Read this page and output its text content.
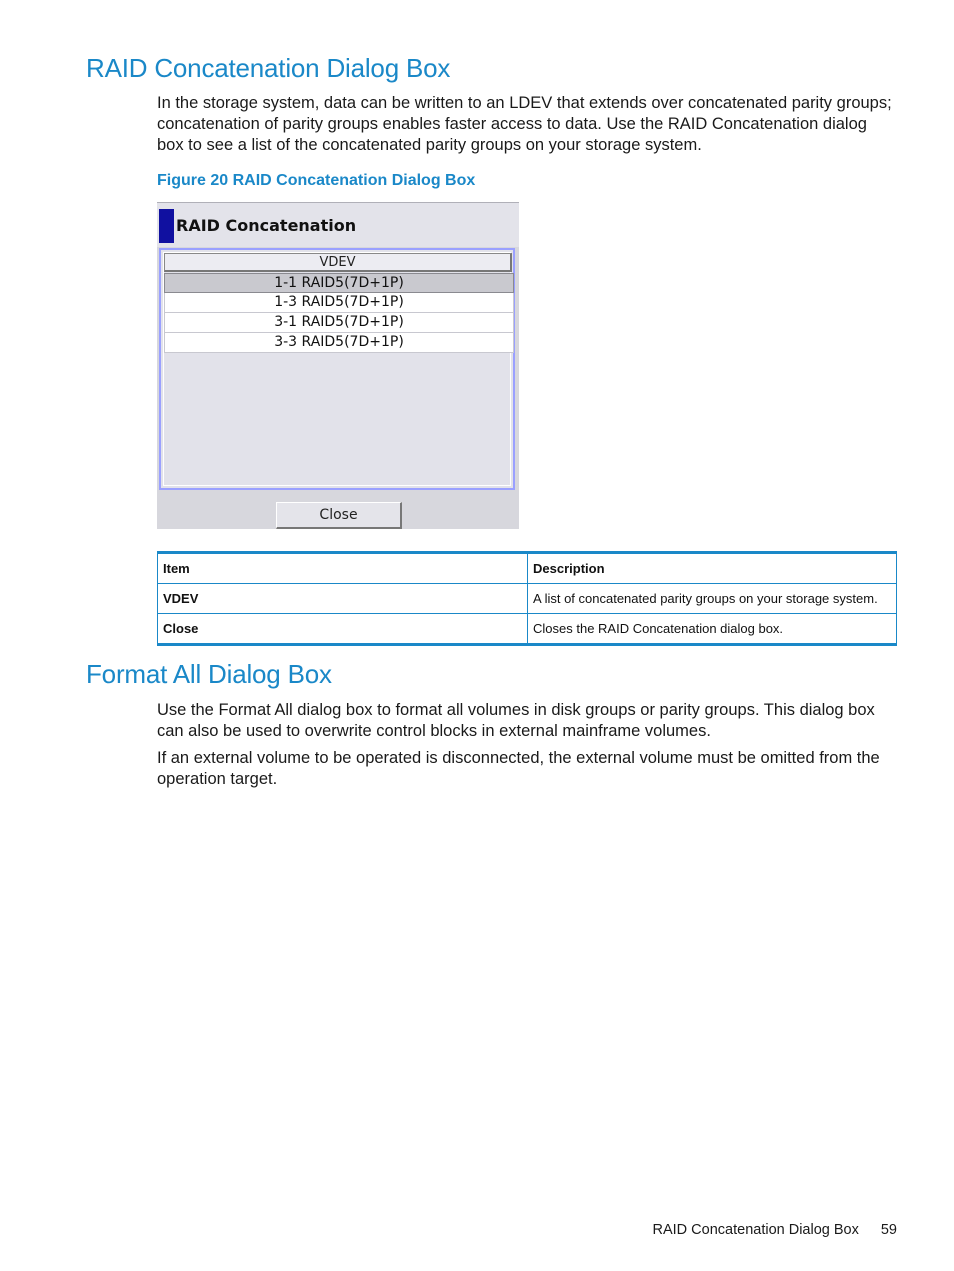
RAID Concatenation Dialog Box

In the storage system, data can be written to an LDEV that extends over concatenated parity groups; concatenation of parity groups enables faster access to data. Use the RAID Concatenation dialog box to see a list of the concatenated parity groups on your storage system.

Figure 20 RAID Concatenation Dialog Box

RAID Concatenation
VDEV
1-1 RAID5(7D+1P)
1-3 RAID5(7D+1P)
3-1 RAID5(7D+1P)
3-3 RAID5(7D+1P)
Close
Item	Description
VDEV	A list of concatenated parity groups on your storage system.
Close	Closes the RAID Concatenation dialog box.
Format All Dialog Box

Use the Format All dialog box to format all volumes in disk groups or parity groups. This dialog box can also be used to overwrite control blocks in external mainframe volumes.

If an external volume to be operated is disconnected, the external volume must be omitted from the operation target.

RAID Concatenation Dialog Box 59
